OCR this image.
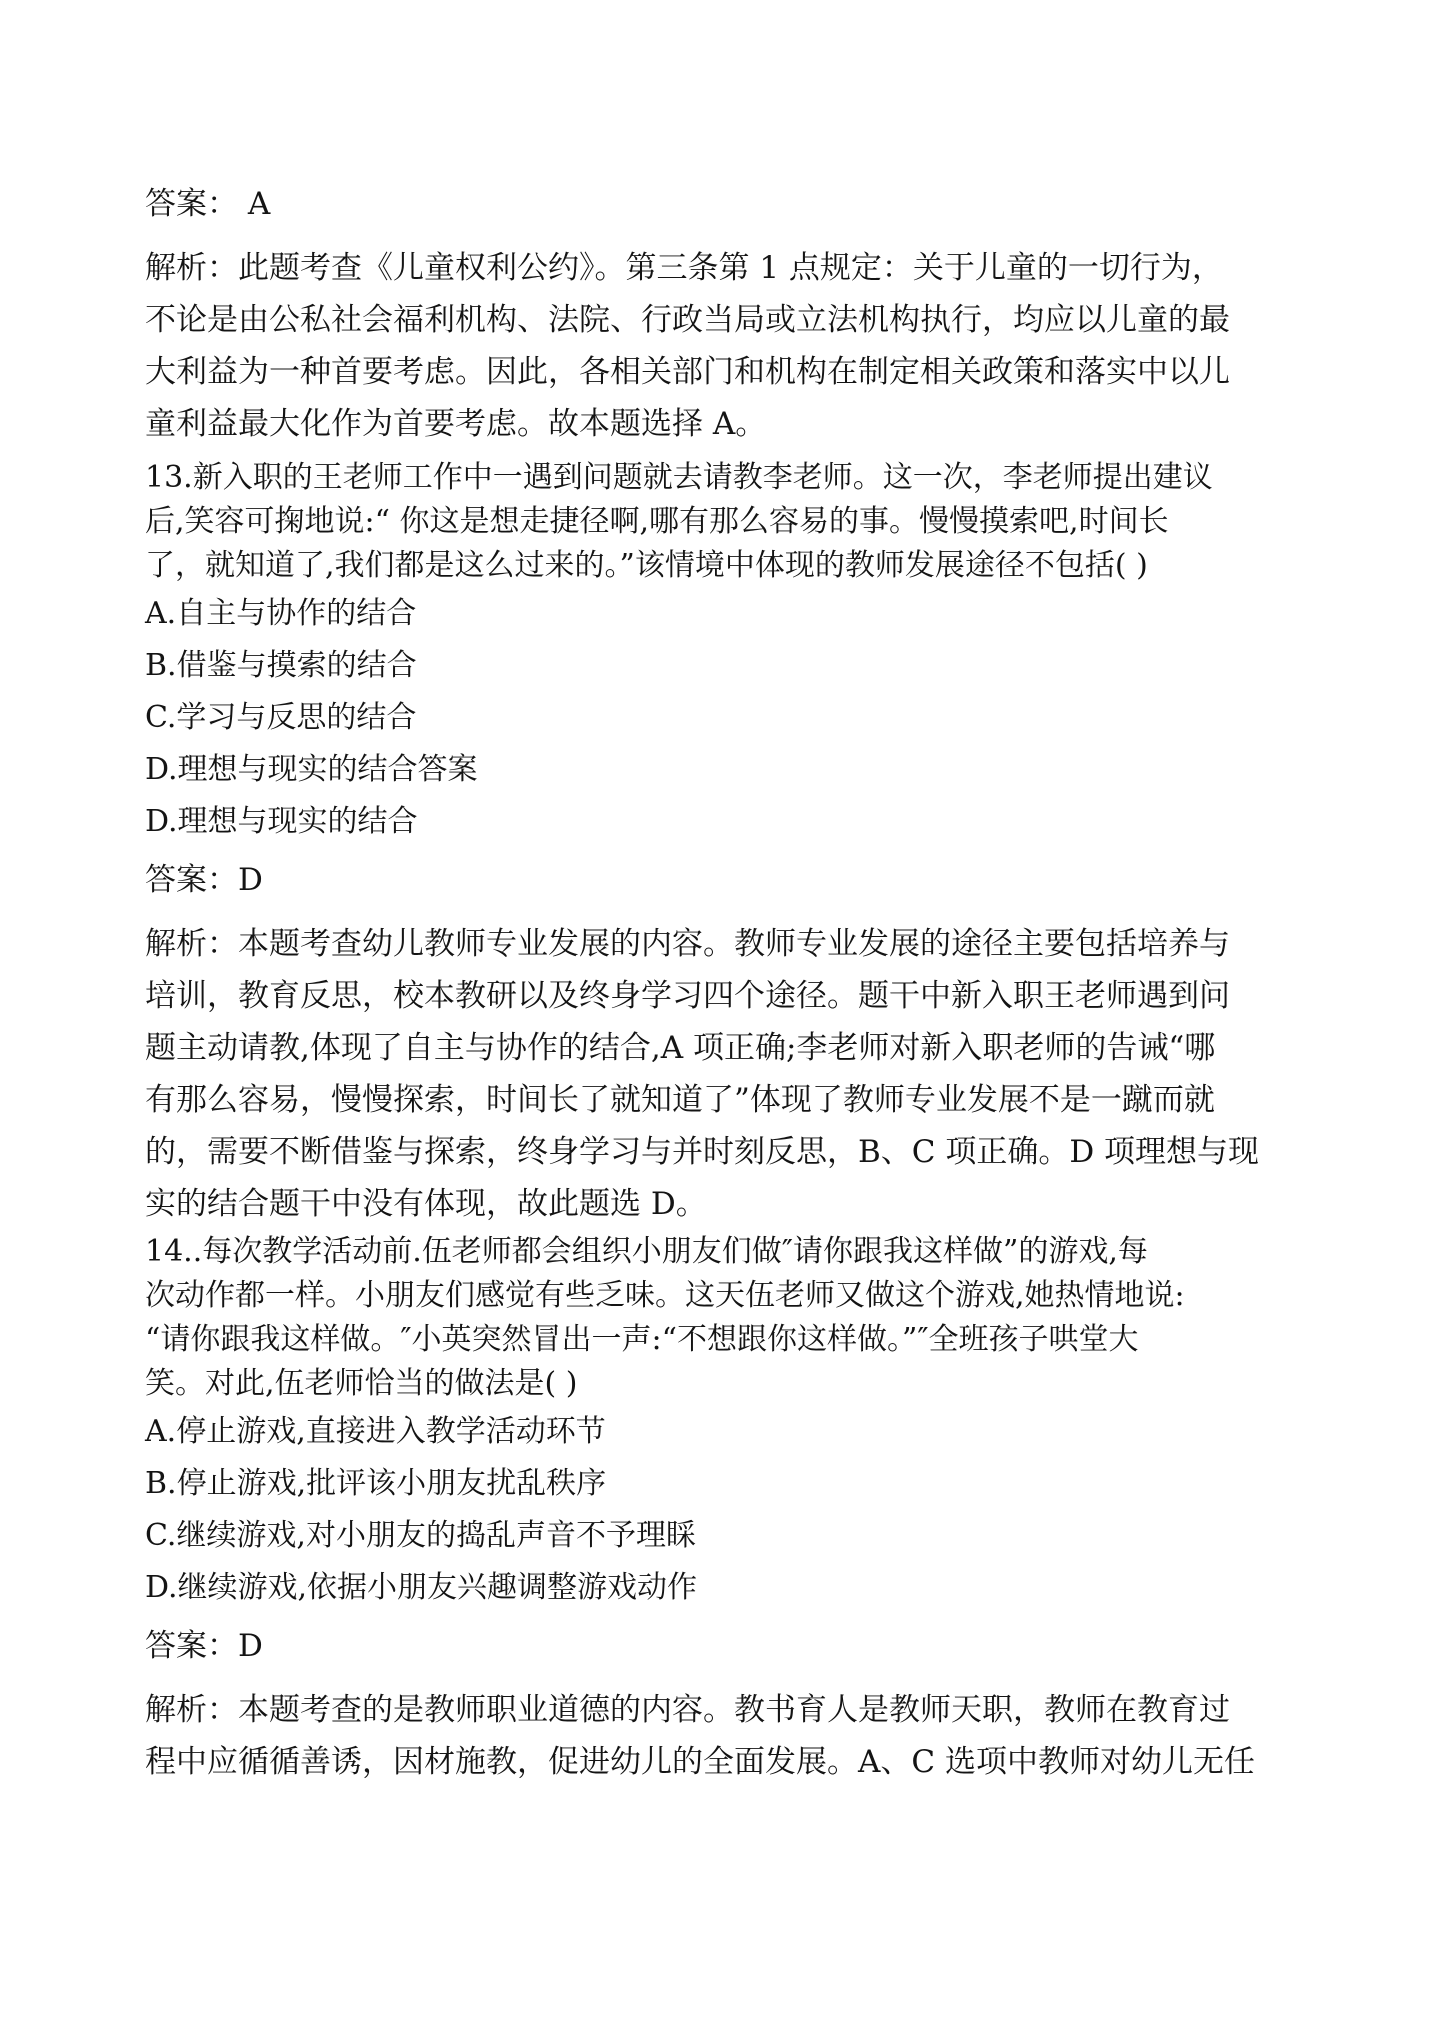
答案： A
解析：此题考查《儿童权利公约》。第三条第 1 点规定：关于儿童的一切行为，
不论是由公私社会福利机构、法院、行政当局或立法机构执行，均应以儿童的最
大利益为一种首要考虑。因此，各相关部门和机构在制定相关政策和落实中以儿
童利益最大化作为首要考虑。故本题选择 A。
13.新入职的王老师工作中一遇到问题就去请教李老师。这一次，李老师提出建议
后,笑容可掬地说:“ 你这是想走捷径啊,哪有那么容易的事。慢慢摸索吧,时间长
了，就知道了,我们都是这么过来的。”该情境中体现的教师发展途径不包括( )
A.自主与协作的结合
B.借鉴与摸索的结合
C.学习与反思的结合
D.理想与现实的结合答案
D.理想与现实的结合
答案：D
解析：本题考查幼儿教师专业发展的内容。教师专业发展的途径主要包括培养与
培训，教育反思，校本教研以及终身学习四个途径。题干中新入职王老师遇到问
题主动请教,体现了自主与协作的结合,A 项正确;李老师对新入职老师的告诫“哪
有那么容易，慢慢探索，时间长了就知道了”体现了教师专业发展不是一蹴而就
的，需要不断借鉴与探索，终身学习与并时刻反思，B、C 项正确。D 项理想与现
实的结合题干中没有体现，故此题选 D。
14..每次教学活动前.伍老师都会组织小朋友们做″请你跟我这样做”的游戏,每
次动作都一样。小朋友们感觉有些乏味。这天伍老师又做这个游戏,她热情地说:
“请你跟我这样做。″小英突然冒出一声:“不想跟你这样做。”″全班孩子哄堂大
笑。对此,伍老师恰当的做法是( )
A.停止游戏,直接进入教学活动环节
B.停止游戏,批评该小朋友扰乱秩序
C.继续游戏,对小朋友的捣乱声音不予理睬
D.继续游戏,依据小朋友兴趣调整游戏动作
答案：D
解析：本题考查的是教师职业道德的内容。教书育人是教师天职，教师在教育过
程中应循循善诱，因材施教，促进幼儿的全面发展。A、C 选项中教师对幼儿无任
